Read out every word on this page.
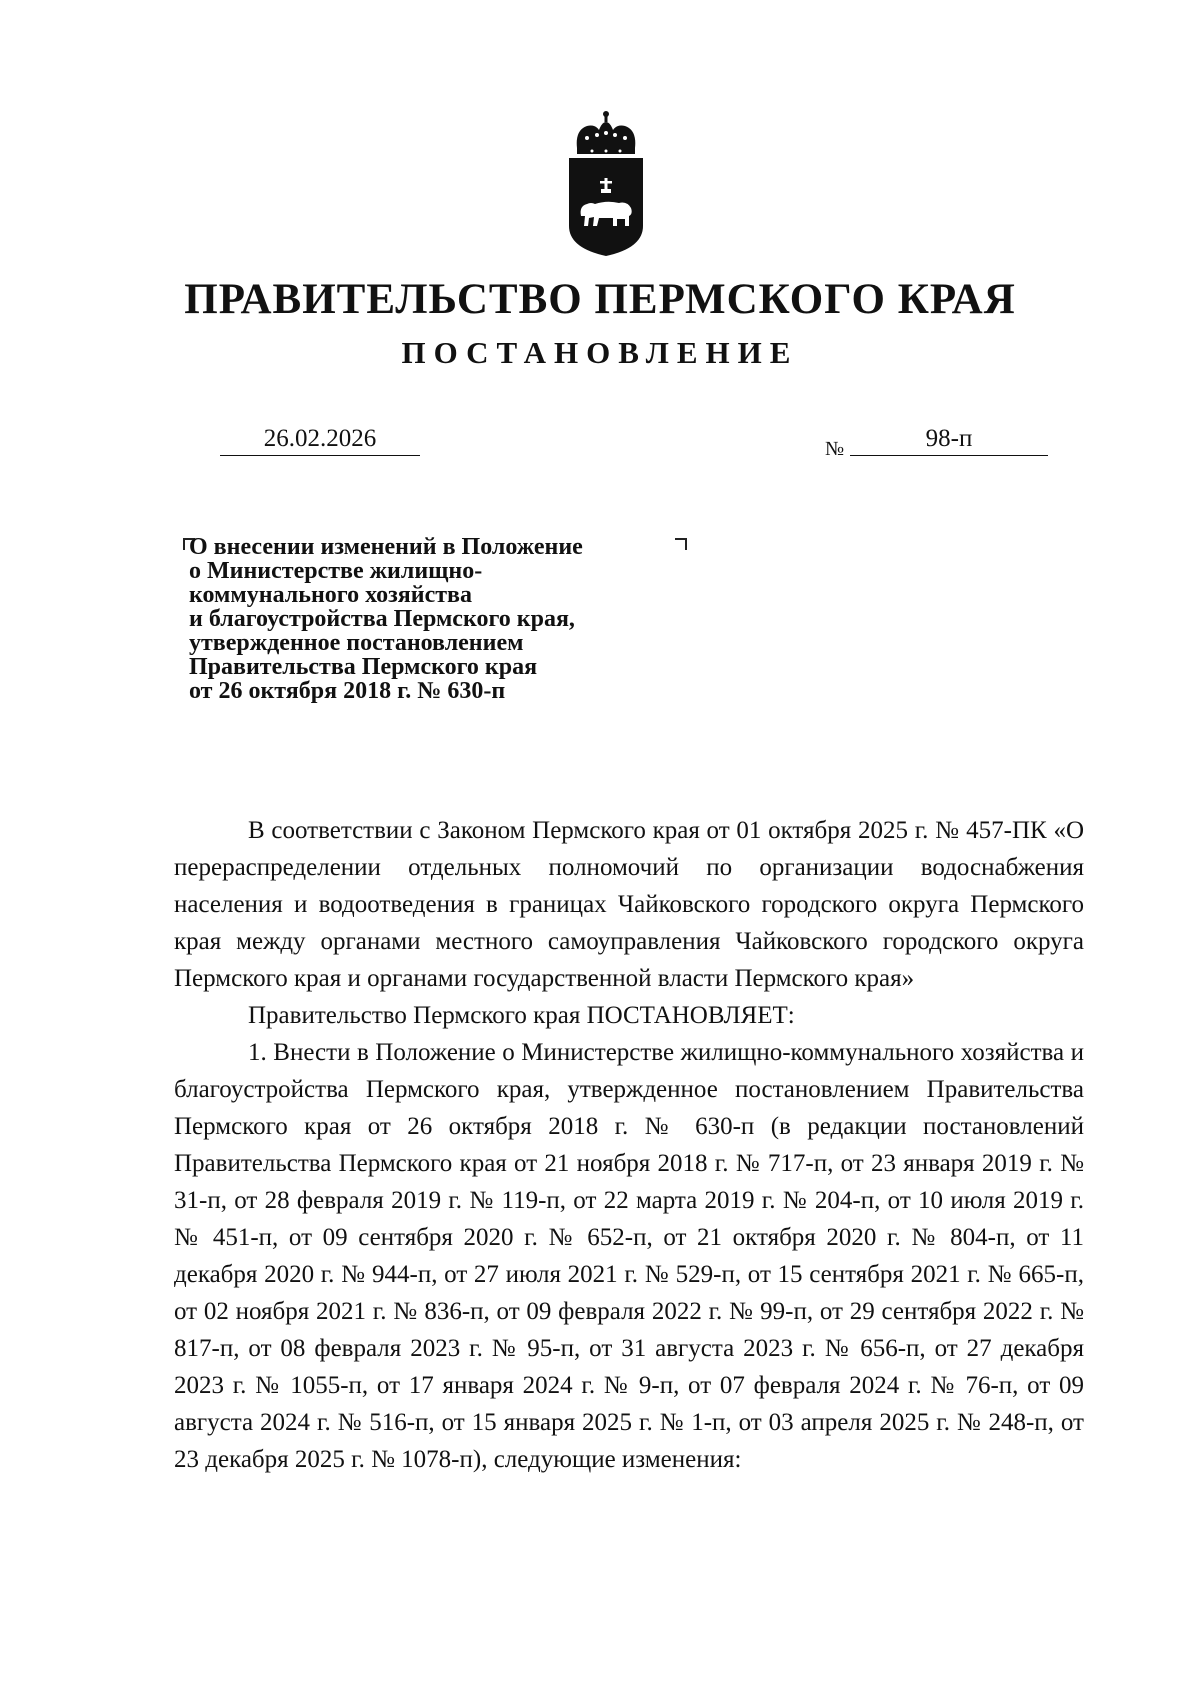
ПРАВИТЕЛЬСТВО ПЕРМСКОГО КРАЯ
ПОСТАНОВЛЕНИЕ
26.02.2026	№	98-п
О внесении изменений в Положение
о Министерстве жилищно-
коммунального хозяйства
и благоустройства Пермского края,
утвержденное постановлением
Правительства Пермского края
от 26 октября 2018 г. № 630-п

В соответствии с Законом Пермского края от 01 октября 2025 г. № 457-ПК «О перераспределении отдельных полномочий по организации водоснабжения населения и водоотведения в границах Чайковского городского округа Пермского края между органами местного самоуправления Чайковского городского округа Пермского края и органами государственной власти Пермского края»

Правительство Пермского края ПОСТАНОВЛЯЕТ:

1. Внести в Положение о Министерстве жилищно-коммунального хозяйства и благоустройства Пермского края, утвержденное постановлением Правительства Пермского края от 26 октября 2018 г. № 630-п (в редакции постановлений Правительства Пермского края от 21 ноября 2018 г. № 717-п, от 23 января 2019 г. № 31-п, от 28 февраля 2019 г. № 119-п, от 22 марта 2019 г. № 204-п, от 10 июля 2019 г. № 451-п, от 09 сентября 2020 г. № 652-п, от 21 октября 2020 г. № 804-п, от 11 декабря 2020 г. № 944-п, от 27 июля 2021 г. № 529-п, от 15 сентября 2021 г. № 665-п, от 02 ноября 2021 г. № 836-п, от 09 февраля 2022 г. № 99-п, от 29 сентября 2022 г. № 817-п, от 08 февраля 2023 г. № 95-п, от 31 августа 2023 г. № 656-п, от 27 декабря 2023 г. № 1055-п, от 17 января 2024 г. № 9-п, от 07 февраля 2024 г. № 76-п, от 09 августа 2024 г. № 516-п, от 15 января 2025 г. № 1-п, от 03 апреля 2025 г. № 248-п, от 23 декабря 2025 г. № 1078-п), следующие изменения:
